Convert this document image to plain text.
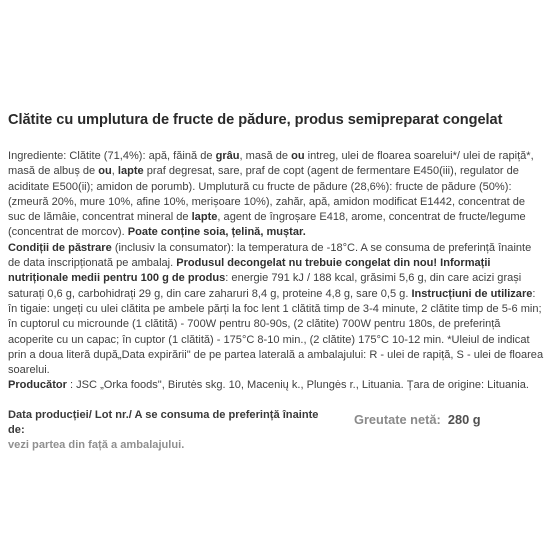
Clătite cu umplutura de fructe de pădure, produs semipreparat congelat

Ingrediente: Clătite (71,4%): apă, făină de grâu, masă de ou intreg, ulei de floarea soarelui*/ ulei de rapiță*, masă de albuș de ou, lapte praf degresat, sare, praf de copt (agent de fermentare E450(iii), regulator de aciditate E500(ii); amidon de porumb). Umplutură cu fructe de pădure (28,6%): fructe de pădure (50%): (zmeură 20%, mure 10%, afine 10%, merișoare 10%), zahăr, apă, amidon modificat E1442, concentrat de suc de lămâie, concentrat mineral de lapte, agent de îngroșare E418, arome, concentrat de fructe/legume (concentrat de morcov). Poate conține soia, țelină, muștar.

Condiții de păstrare (inclusiv la consumator): la temperatura de -18°C. A se consuma de preferință înainte de data inscripționată pe ambalaj. Produsul decongelat nu trebuie congelat din nou! Informații nutriționale medii pentru 100 g de produs: energie 791 kJ / 188 kcal, grăsimi 5,6 g, din care acizi grași saturați 0,6 g, carbohidrați 29 g, din care zaharuri 8,4 g, proteine 4,8 g, sare 0,5 g. Instrucțiuni de utilizare: în tigaie: ungeți cu ulei clătita pe ambele părți la foc lent 1 clătită timp de 3-4 minute, 2 clătite timp de 5-6 min; în cuptorul cu microunde (1 clătită) - 700W pentru 80-90s, (2 clătite) 700W pentru 180s, de preferință acoperite cu un capac; în cuptor (1 clătită) - 175°C 8-10 min., (2 clătite) 175°C 10-12 min. *Uleiul de indicat prin a doua literă după„Data expirării" de pe partea laterală a ambalajului: R - ulei de rapiță, S - ulei de floarea soarelui.

Producător : JSC „Orka foods", Birutės skg. 10, Macenių k., Plungės r., Lituania. Țara de origine: Lituania.

Data producției/ Lot nr./ A se consuma de preferință înainte de:
vezi partea din față a ambalajului.
Greutate netă: 280 g
